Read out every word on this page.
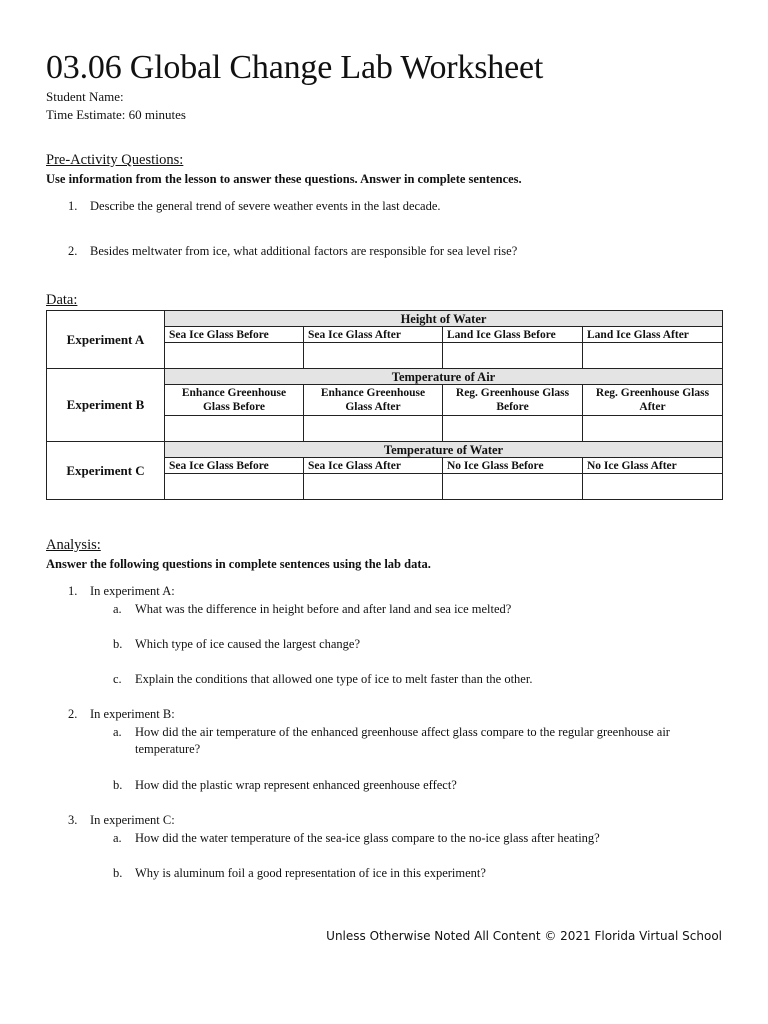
03.06 Global Change Lab Worksheet
Student Name:
Time Estimate: 60 minutes
Pre-Activity Questions:
Use information from the lesson to answer these questions. Answer in complete sentences.
1. Describe the general trend of severe weather events in the last decade.
2. Besides meltwater from ice, what additional factors are responsible for sea level rise?
Data:
Experiment A	Height of Water			
	Sea Ice Glass Before	Sea Ice Glass After	Land Ice Glass Before	Land Ice Glass After

Experiment B	Temperature of Air			
	Enhance Greenhouse Glass Before	Enhance Greenhouse Glass After	Reg. Greenhouse Glass Before	Reg. Greenhouse Glass After

Experiment C	Temperature of Water			
	Sea Ice Glass Before	Sea Ice Glass After	No Ice Glass Before	No Ice Glass After

Analysis:
Answer the following questions in complete sentences using the lab data.
1. In experiment A:
a. What was the difference in height before and after land and sea ice melted?
b. Which type of ice caused the largest change?
c. Explain the conditions that allowed one type of ice to melt faster than the other.
2. In experiment B:
a. How did the air temperature of the enhanced greenhouse affect glass compare to the regular greenhouse air temperature?
b. How did the plastic wrap represent enhanced greenhouse effect?
3. In experiment C:
a. How did the water temperature of the sea-ice glass compare to the no-ice glass after heating?
b. Why is aluminum foil a good representation of ice in this experiment?
Unless Otherwise Noted All Content © 2021 Florida Virtual School
